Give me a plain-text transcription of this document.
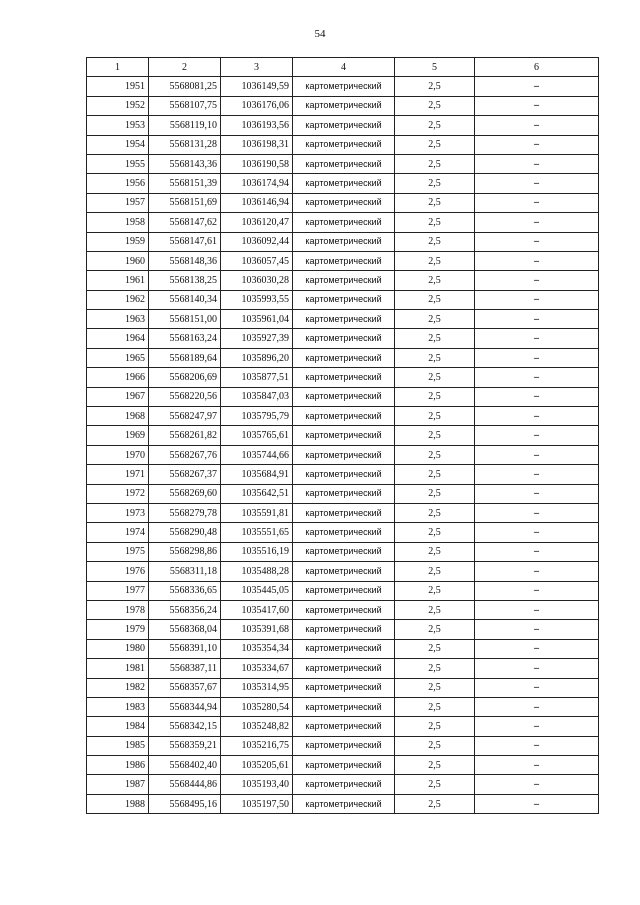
54
1	2	3	4	5	6
1951	5568081,25	1036149,59	картометрический	2,5	–
1952	5568107,75	1036176,06	картометрический	2,5	–
1953	5568119,10	1036193,56	картометрический	2,5	–
1954	5568131,28	1036198,31	картометрический	2,5	–
1955	5568143,36	1036190,58	картометрический	2,5	–
1956	5568151,39	1036174,94	картометрический	2,5	–
1957	5568151,69	1036146,94	картометрический	2,5	–
1958	5568147,62	1036120,47	картометрический	2,5	–
1959	5568147,61	1036092,44	картометрический	2,5	–
1960	5568148,36	1036057,45	картометрический	2,5	–
1961	5568138,25	1036030,28	картометрический	2,5	–
1962	5568140,34	1035993,55	картометрический	2,5	–
1963	5568151,00	1035961,04	картометрический	2,5	–
1964	5568163,24	1035927,39	картометрический	2,5	–
1965	5568189,64	1035896,20	картометрический	2,5	–
1966	5568206,69	1035877,51	картометрический	2,5	–
1967	5568220,56	1035847,03	картометрический	2,5	–
1968	5568247,97	1035795,79	картометрический	2,5	–
1969	5568261,82	1035765,61	картометрический	2,5	–
1970	5568267,76	1035744,66	картометрический	2,5	–
1971	5568267,37	1035684,91	картометрический	2,5	–
1972	5568269,60	1035642,51	картометрический	2,5	–
1973	5568279,78	1035591,81	картометрический	2,5	–
1974	5568290,48	1035551,65	картометрический	2,5	–
1975	5568298,86	1035516,19	картометрический	2,5	–
1976	5568311,18	1035488,28	картометрический	2,5	–
1977	5568336,65	1035445,05	картометрический	2,5	–
1978	5568356,24	1035417,60	картометрический	2,5	–
1979	5568368,04	1035391,68	картометрический	2,5	–
1980	5568391,10	1035354,34	картометрический	2,5	–
1981	5568387,11	1035334,67	картометрический	2,5	–
1982	5568357,67	1035314,95	картометрический	2,5	–
1983	5568344,94	1035280,54	картометрический	2,5	–
1984	5568342,15	1035248,82	картометрический	2,5	–
1985	5568359,21	1035216,75	картометрический	2,5	–
1986	5568402,40	1035205,61	картометрический	2,5	–
1987	5568444,86	1035193,40	картометрический	2,5	–
1988	5568495,16	1035197,50	картометрический	2,5	–
